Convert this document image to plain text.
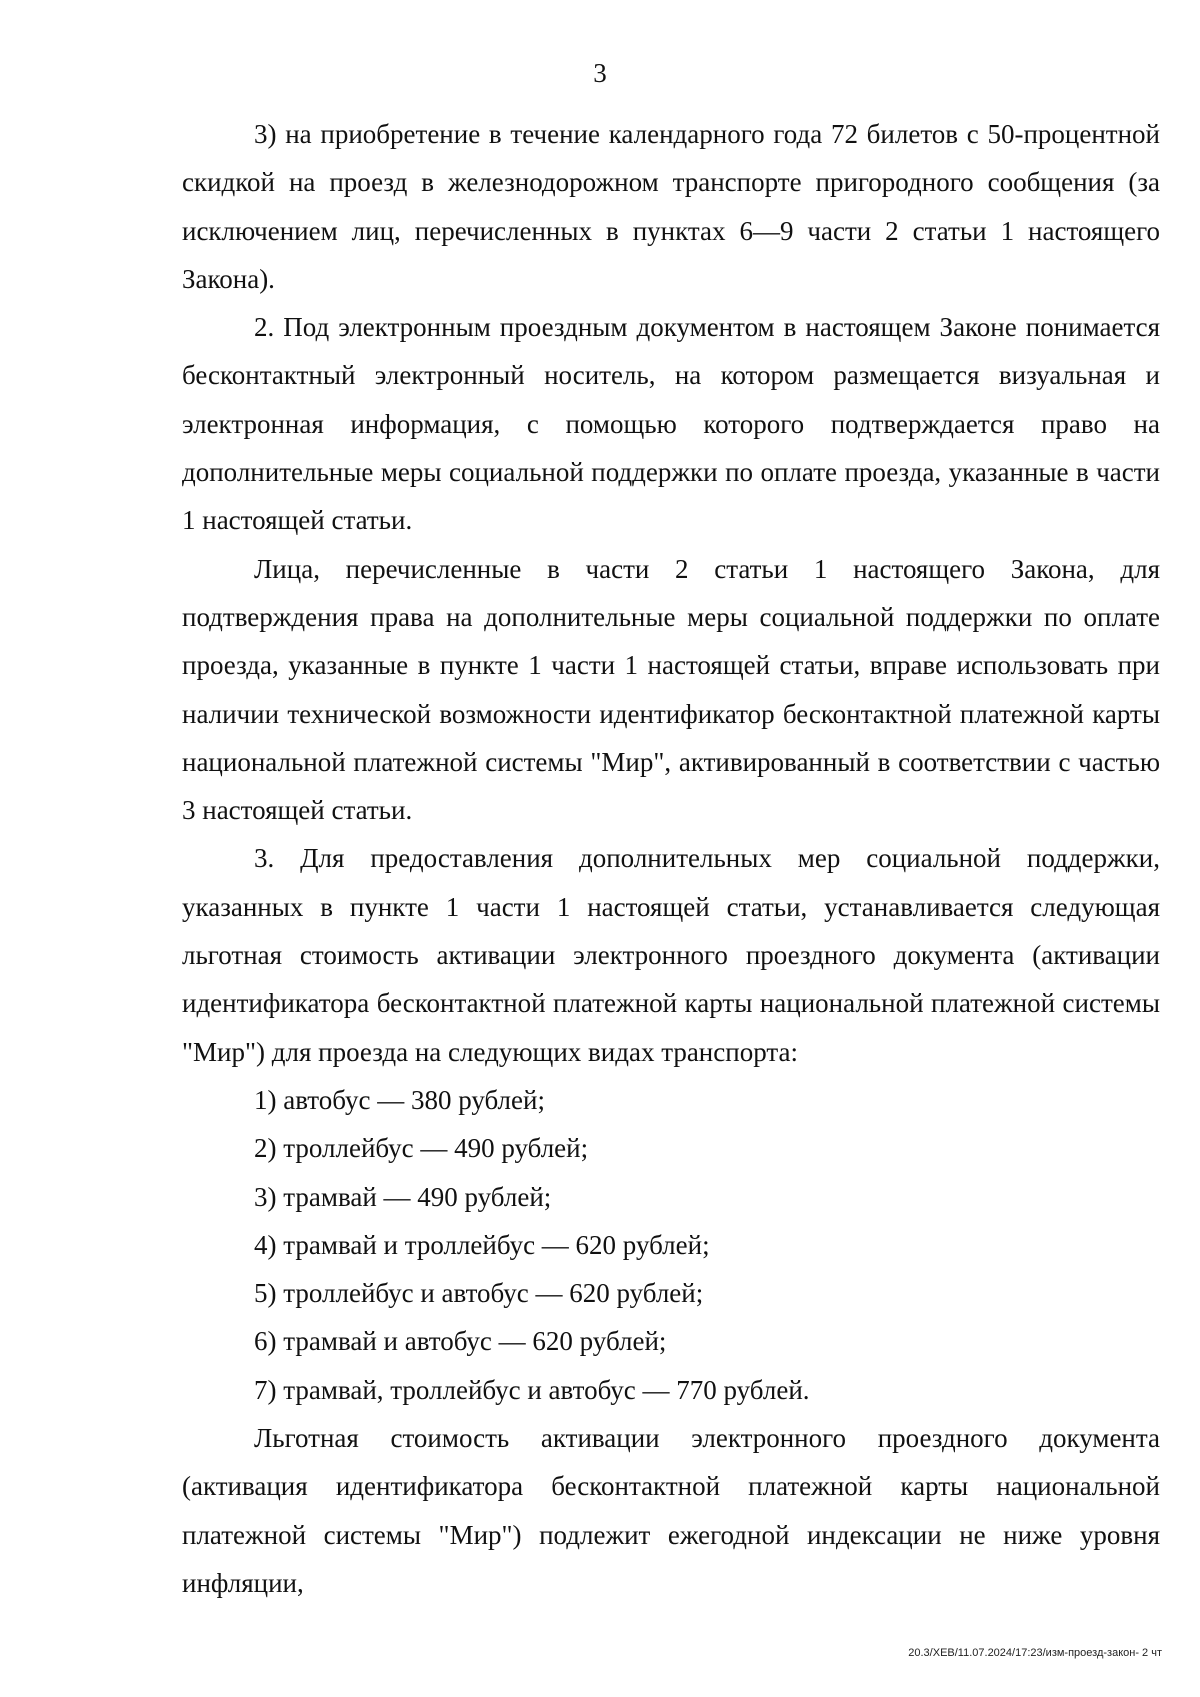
3

3) на приобретение в течение календарного года 72 билетов с 50-процентной скидкой на проезд в железнодорожном транспорте пригородного сообщения (за исключением лиц, перечисленных в пунктах 6—9 части 2 статьи 1 настоящего Закона).

2. Под электронным проездным документом в настоящем Законе понимается бесконтактный электронный носитель, на котором размещается визуальная и электронная информация, с помощью которого подтверждается право на дополнительные меры социальной поддержки по оплате проезда, указанные в части 1 настоящей статьи.

Лица, перечисленные в части 2 статьи 1 настоящего Закона, для подтверждения права на дополнительные меры социальной поддержки по оплате проезда, указанные в пункте 1 части 1 настоящей статьи, вправе использовать при наличии технической возможности идентификатор бесконтактной платежной карты национальной платежной системы "Мир", активированный в соответствии с частью 3 настоящей статьи.

3. Для предоставления дополнительных мер социальной поддержки, указанных в пункте 1 части 1 настоящей статьи, устанавливается следующая льготная стоимость активации электронного проездного документа (активации идентификатора бесконтактной платежной карты национальной платежной системы "Мир") для проезда на следующих видах транспорта:

1) автобус — 380 рублей;

2) троллейбус — 490 рублей;

3) трамвай — 490 рублей;

4) трамвай и троллейбус — 620 рублей;

5) троллейбус и автобус — 620 рублей;

6) трамвай и автобус — 620 рублей;

7) трамвай, троллейбус и автобус — 770 рублей.

Льготная стоимость активации электронного проездного документа (активация идентификатора бесконтактной платежной карты национальной платежной системы "Мир") подлежит ежегодной индексации не ниже уровня инфляции,

20.3/ХЕВ/11.07.2024/17:23/изм-проезд-закон- 2 чт
